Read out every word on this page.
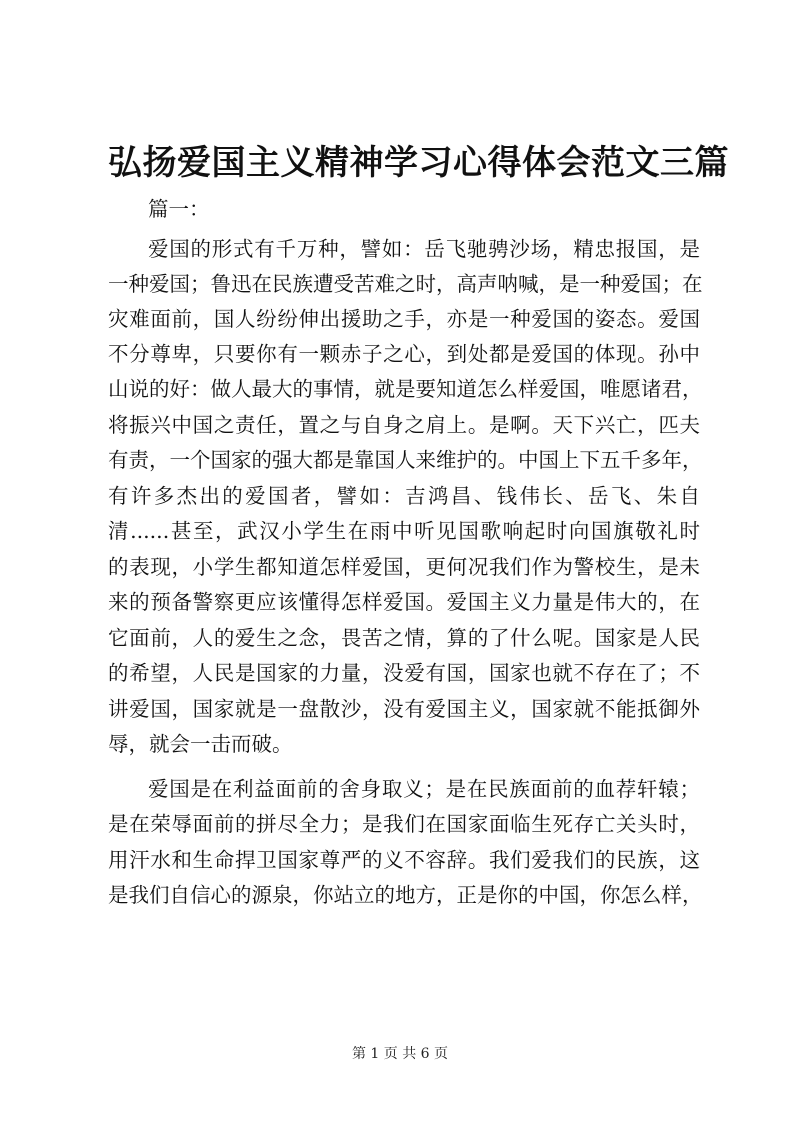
弘扬爱国主义精神学习心得体会范文三篇
篇一：
爱国的形式有千万种，譬如：岳飞驰骋沙场，精忠报国，是
一种爱国；鲁迅在民族遭受苦难之时，高声呐喊，是一种爱国；在
灾难面前，国人纷纷伸出援助之手，亦是一种爱国的姿态。爱国
不分尊卑，只要你有一颗赤子之心，到处都是爱国的体现。孙中
山说的好：做人最大的事情，就是要知道怎么样爱国，唯愿诸君，
将振兴中国之责任，置之与自身之肩上。是啊。天下兴亡，匹夫
有责，一个国家的强大都是靠国人来维护的。中国上下五千多年，
有许多杰出的爱国者，譬如：吉鸿昌、钱伟长、岳飞、朱自
清......甚至，武汉小学生在雨中听见国歌响起时向国旗敬礼时
的表现，小学生都知道怎样爱国，更何况我们作为警校生，是未
来的预备警察更应该懂得怎样爱国。爱国主义力量是伟大的，在
它面前，人的爱生之念，畏苦之情，算的了什么呢。国家是人民
的希望，人民是国家的力量，没爱有国，国家也就不存在了；不
讲爱国，国家就是一盘散沙，没有爱国主义，国家就不能抵御外
辱，就会一击而破。
爱国是在利益面前的舍身取义；是在民族面前的血荐轩辕；
是在荣辱面前的拼尽全力；是我们在国家面临生死存亡关头时，
用汗水和生命捍卫国家尊严的义不容辞。我们爱我们的民族，这
是我们自信心的源泉，你站立的地方，正是你的中国，你怎么样，
第 1 页 共 6 页
